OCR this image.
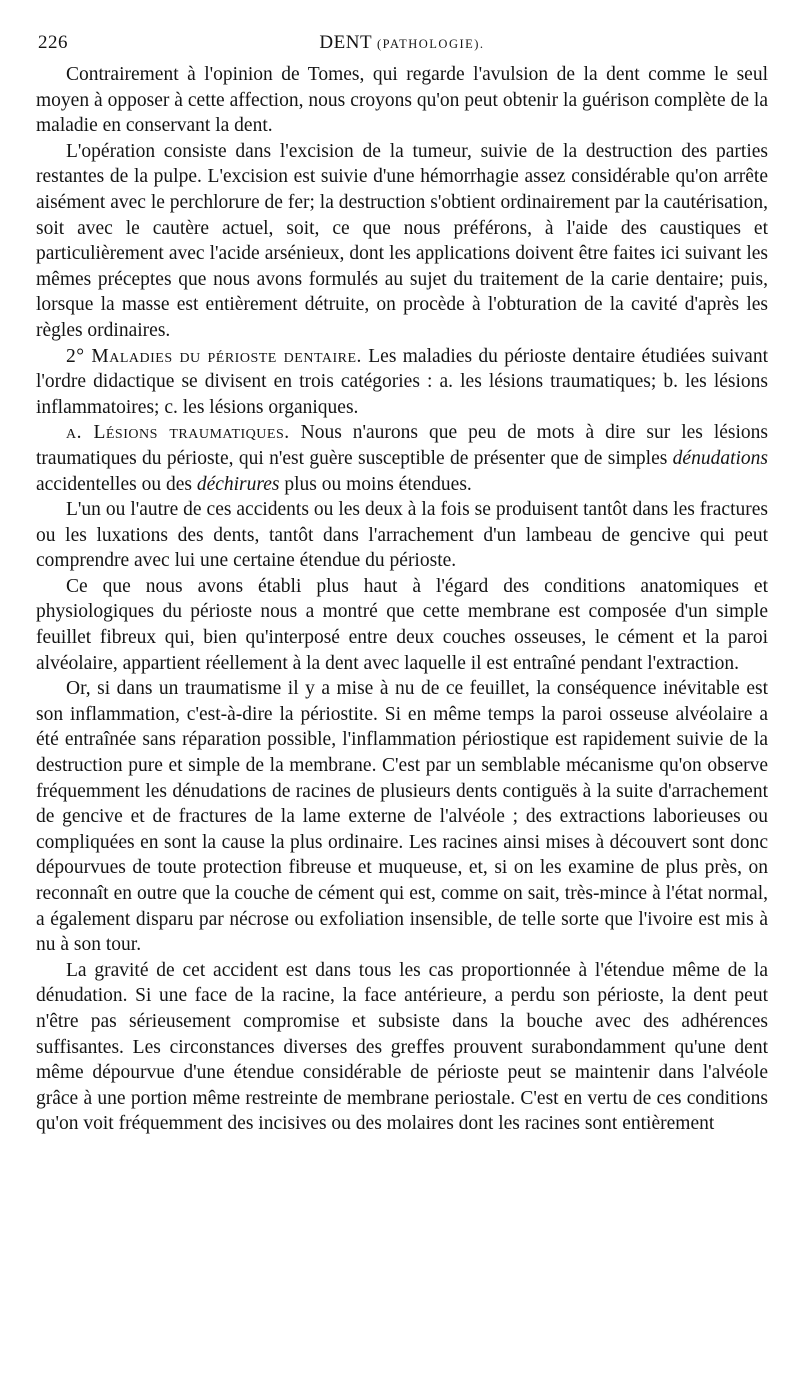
226	DENT (PATHOLOGIE).

Contrairement à l'opinion de Tomes, qui regarde l'avulsion de la dent comme le seul moyen à opposer à cette affection, nous croyons qu'on peut obtenir la guérison complète de la maladie en conservant la dent.

L'opération consiste dans l'excision de la tumeur, suivie de la destruction des parties restantes de la pulpe. L'excision est suivie d'une hémorrhagie assez considérable qu'on arrête aisément avec le perchlorure de fer; la destruction s'obtient ordinairement par la cautérisation, soit avec le cautère actuel, soit, ce que nous préférons, à l'aide des caustiques et particulièrement avec l'acide arsénieux, dont les applications doivent être faites ici suivant les mêmes préceptes que nous avons formulés au sujet du traitement de la carie dentaire; puis, lorsque la masse est entièrement détruite, on procède à l'obturation de la cavité d'après les règles ordinaires.

2° Maladies du périoste dentaire. Les maladies du périoste dentaire étudiées suivant l'ordre didactique se divisent en trois catégories : a. les lésions traumatiques; b. les lésions inflammatoires; c. les lésions organiques.

a. Lésions traumatiques. Nous n'aurons que peu de mots à dire sur les lésions traumatiques du périoste, qui n'est guère susceptible de présenter que de simples dénudations accidentelles ou des déchirures plus ou moins étendues.

L'un ou l'autre de ces accidents ou les deux à la fois se produisent tantôt dans les fractures ou les luxations des dents, tantôt dans l'arrachement d'un lambeau de gencive qui peut comprendre avec lui une certaine étendue du périoste.

Ce que nous avons établi plus haut à l'égard des conditions anatomiques et physiologiques du périoste nous a montré que cette membrane est composée d'un simple feuillet fibreux qui, bien qu'interposé entre deux couches osseuses, le cément et la paroi alvéolaire, appartient réellement à la dent avec laquelle il est entraîné pendant l'extraction.

Or, si dans un traumatisme il y a mise à nu de ce feuillet, la conséquence inévitable est son inflammation, c'est-à-dire la périostite. Si en même temps la paroi osseuse alvéolaire a été entraînée sans réparation possible, l'inflammation périostique est rapidement suivie de la destruction pure et simple de la membrane. C'est par un semblable mécanisme qu'on observe fréquemment les dénudations de racines de plusieurs dents contiguës à la suite d'arrachement de gencive et de fractures de la lame externe de l'alvéole ; des extractions laborieuses ou compliquées en sont la cause la plus ordinaire. Les racines ainsi mises à découvert sont donc dépourvues de toute protection fibreuse et muqueuse, et, si on les examine de plus près, on reconnaît en outre que la couche de cément qui est, comme on sait, très-mince à l'état normal, a également disparu par nécrose ou exfoliation insensible, de telle sorte que l'ivoire est mis à nu à son tour.

La gravité de cet accident est dans tous les cas proportionnée à l'étendue même de la dénudation. Si une face de la racine, la face antérieure, a perdu son périoste, la dent peut n'être pas sérieusement compromise et subsiste dans la bouche avec des adhérences suffisantes. Les circonstances diverses des greffes prouvent surabondamment qu'une dent même dépourvue d'une étendue considérable de périoste peut se maintenir dans l'alvéole grâce à une portion même restreinte de membrane periostale. C'est en vertu de ces conditions qu'on voit fréquemment des incisives ou des molaires dont les racines sont entièrement
